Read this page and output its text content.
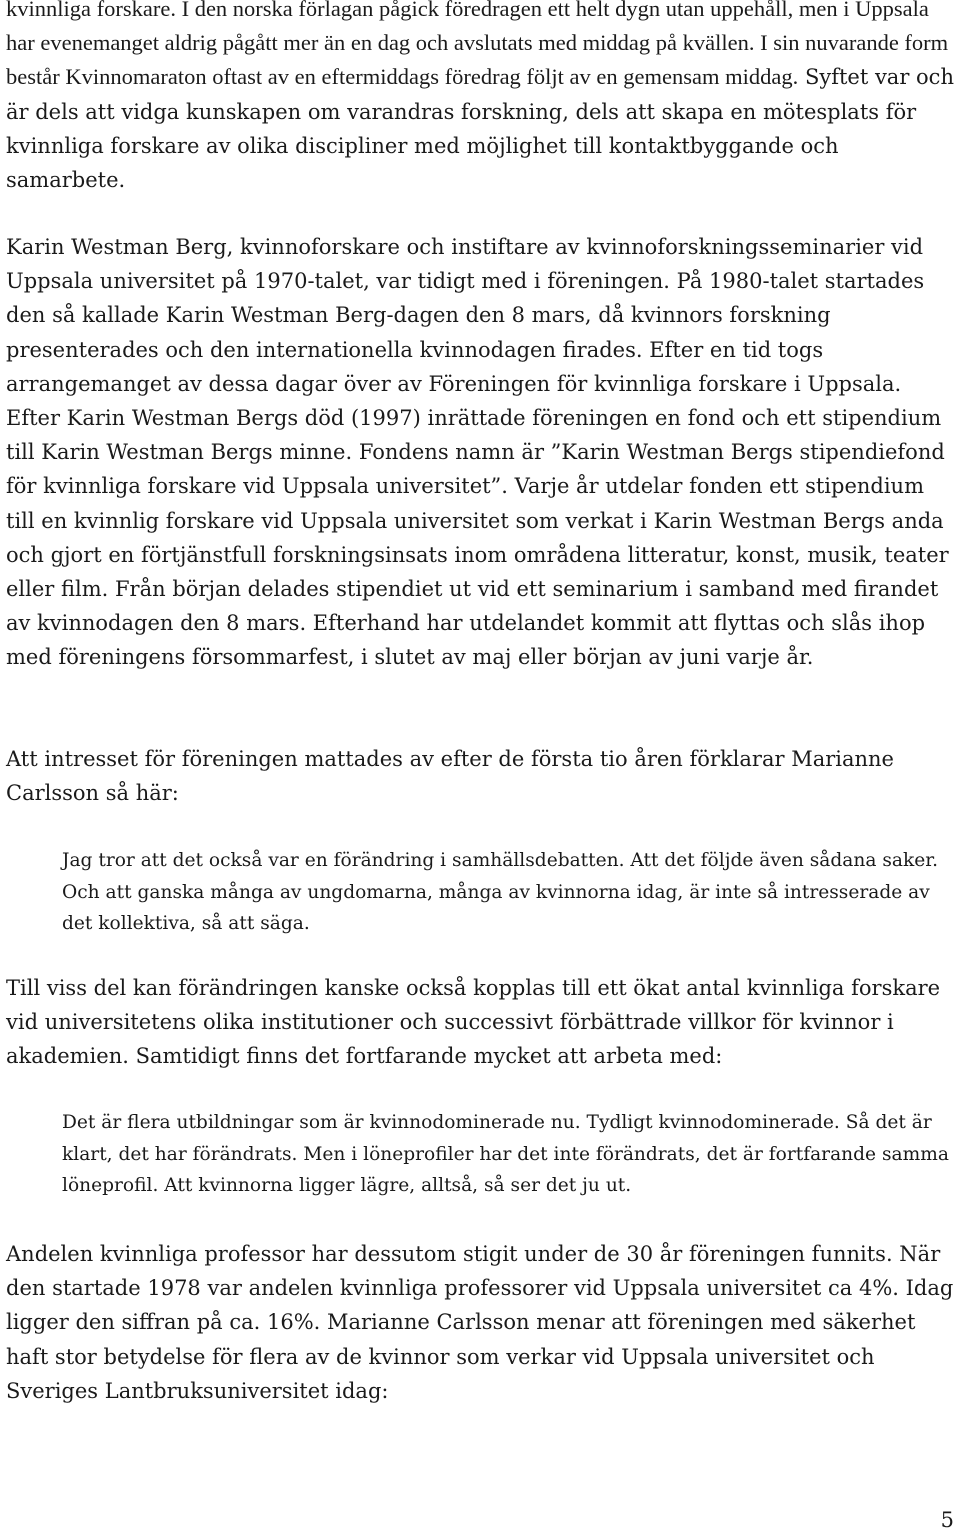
kvinnliga forskare. I den norska förlagan pågick föredragen ett helt dygn utan uppehåll, men i Uppsala har evenemanget aldrig pågått mer än en dag och avslutats med middag på kvällen. I sin nuvarande form består Kvinnomaraton oftast av en eftermiddags föredrag följt av en gemensam middag. Syftet var och är dels att vidga kunskapen om varandras forskning, dels att skapa en mötesplats för kvinnliga forskare av olika discipliner med möjlighet till kontaktbyggande och samarbete.

Karin Westman Berg, kvinnoforskare och instiftare av kvinnoforskningsseminarier vid Uppsala universitet på 1970-talet, var tidigt med i föreningen. På 1980-talet startades den så kallade Karin Westman Berg-dagen den 8 mars, då kvinnors forskning presenterades och den internationella kvinnodagen firades. Efter en tid togs arrangemanget av dessa dagar över av Föreningen för kvinnliga forskare i Uppsala. Efter Karin Westman Bergs död (1997) inrättade föreningen en fond och ett stipendium till Karin Westman Bergs minne. Fondens namn är ”Karin Westman Bergs stipendiefond för kvinnliga forskare vid Uppsala universitet”. Varje år utdelar fonden ett stipendium till en kvinnlig forskare vid Uppsala universitet som verkat i Karin Westman Bergs anda och gjort en förtjänstfull forskningsinsats inom områdena litteratur, konst, musik, teater eller film. Från början delades stipendiet ut vid ett seminarium i samband med firandet av kvinnodagen den 8 mars. Efterhand har utdelandet kommit att flyttas och slås ihop med föreningens försommarfest, i slutet av maj eller början av juni varje år.

Att intresset för föreningen mattades av efter de första tio åren förklarar Marianne Carlsson så här:

Jag tror att det också var en förändring i samhällsdebatten. Att det följde även sådana saker. Och att ganska många av ungdomarna, många av kvinnorna idag, är inte så intresserade av det kollektiva, så att säga.

Till viss del kan förändringen kanske också kopplas till ett ökat antal kvinnliga forskare vid universitetens olika institutioner och successivt förbättrade villkor för kvinnor i akademien. Samtidigt finns det fortfarande mycket att arbeta med:

Det är flera utbildningar som är kvinnodominerade nu. Tydligt kvinnodominerade. Så det är klart, det har förändrats. Men i löneprofiler har det inte förändrats, det är fortfarande samma löneprofil. Att kvinnorna ligger lägre, alltså, så ser det ju ut.

Andelen kvinnliga professor har dessutom stigit under de 30 år föreningen funnits. När den startade 1978 var andelen kvinnliga professorer vid Uppsala universitet ca 4%. Idag ligger den siffran på ca. 16%. Marianne Carlsson menar att föreningen med säkerhet haft stor betydelse för flera av de kvinnor som verkar vid Uppsala universitet och Sveriges Lantbruksuniversitet idag:

5
